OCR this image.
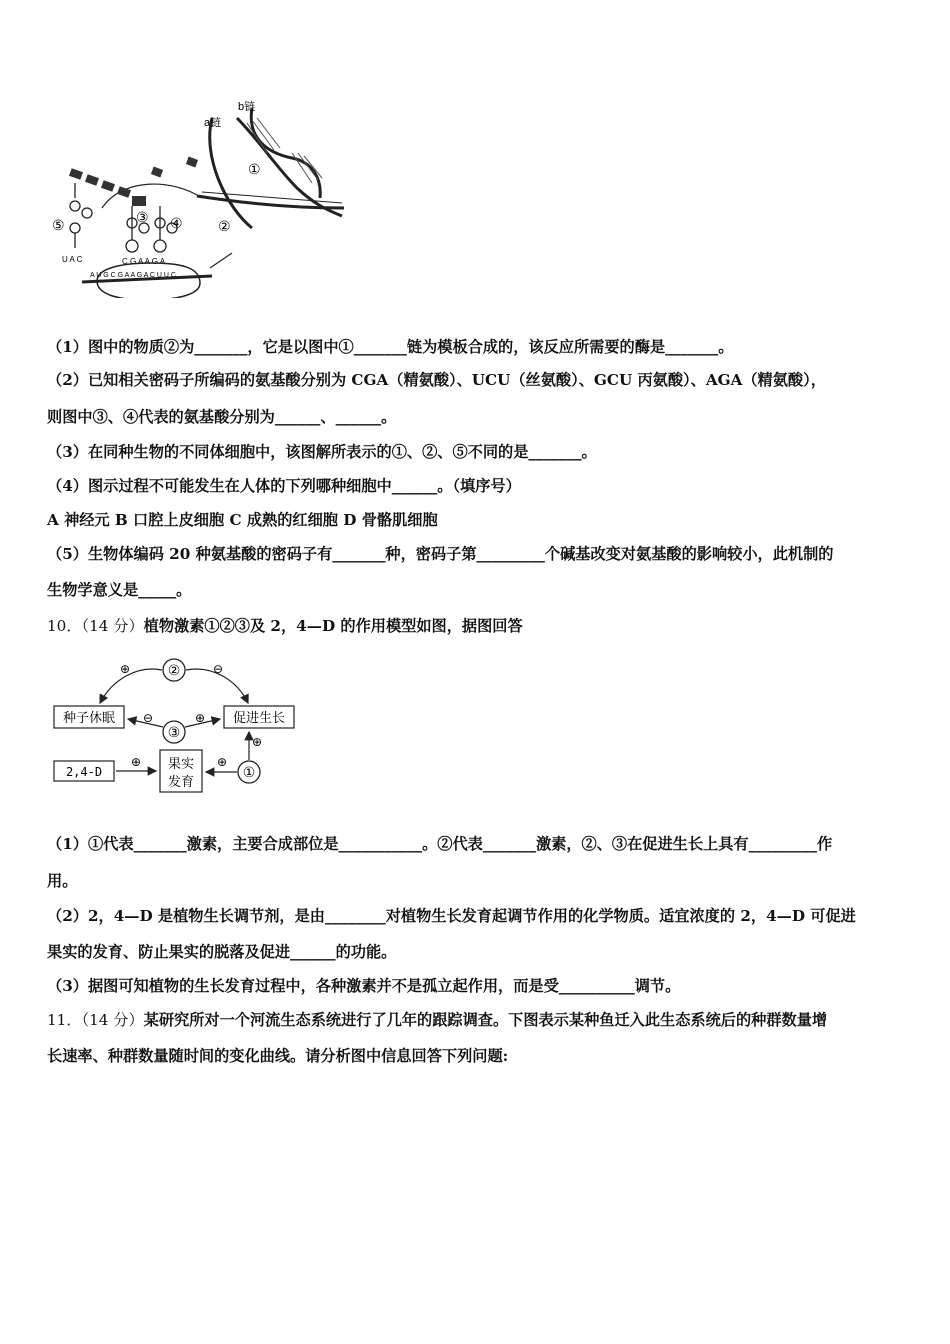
b链
a链
①
②
⑤	③ ④
U A C	C G A A G A
A U G C G A A G A C U U C
（1）图中的物质②为_______，它是以图中①_______链为模板合成的，该反应所需要的酶是_______。
（2）已知相关密码子所编码的氨基酸分别为 CGA（精氨酸）、UCU（丝氨酸）、GCU 丙氨酸）、AGA（精氨酸），
则图中③、④代表的氨基酸分别为______、______。
（3）在同种生物的不同体细胞中，该图解所表示的①、②、⑤不同的是_______。
（4）图示过程不可能发生在人体的下列哪种细胞中______。（填序号）
A 神经元 B 口腔上皮细胞 C 成熟的红细胞 D 骨骼肌细胞
（5）生物体编码 20 种氨基酸的密码子有_______种，密码子第_________个碱基改变对氨基酸的影响较小，此机制的
生物学意义是_____。
10．（14 分）植物激素①②③及 2，4—D 的作用模型如图，据图回答
②
⊕	⊖
种子休眠	促进生长
③
⊖	⊕
果实
发育
2,4-D
⊕
①
⊕
⊕
（1）①代表_______激素，主要合成部位是___________。②代表_______激素，②、③在促进生长上具有_________作
用。
（2）2，4—D 是植物生长调节剂，是由________对植物生长发育起调节作用的化学物质。适宜浓度的 2，4—D 可促进
果实的发育、防止果实的脱落及促进______的功能。
（3）据图可知植物的生长发育过程中，各种激素并不是孤立起作用，而是受__________调节。
11．（14 分）某研究所对一个河流生态系统进行了几年的跟踪调查。下图表示某种鱼迁入此生态系统后的种群数量增
长速率、种群数量随时间的变化曲线。请分析图中信息回答下列问题:
